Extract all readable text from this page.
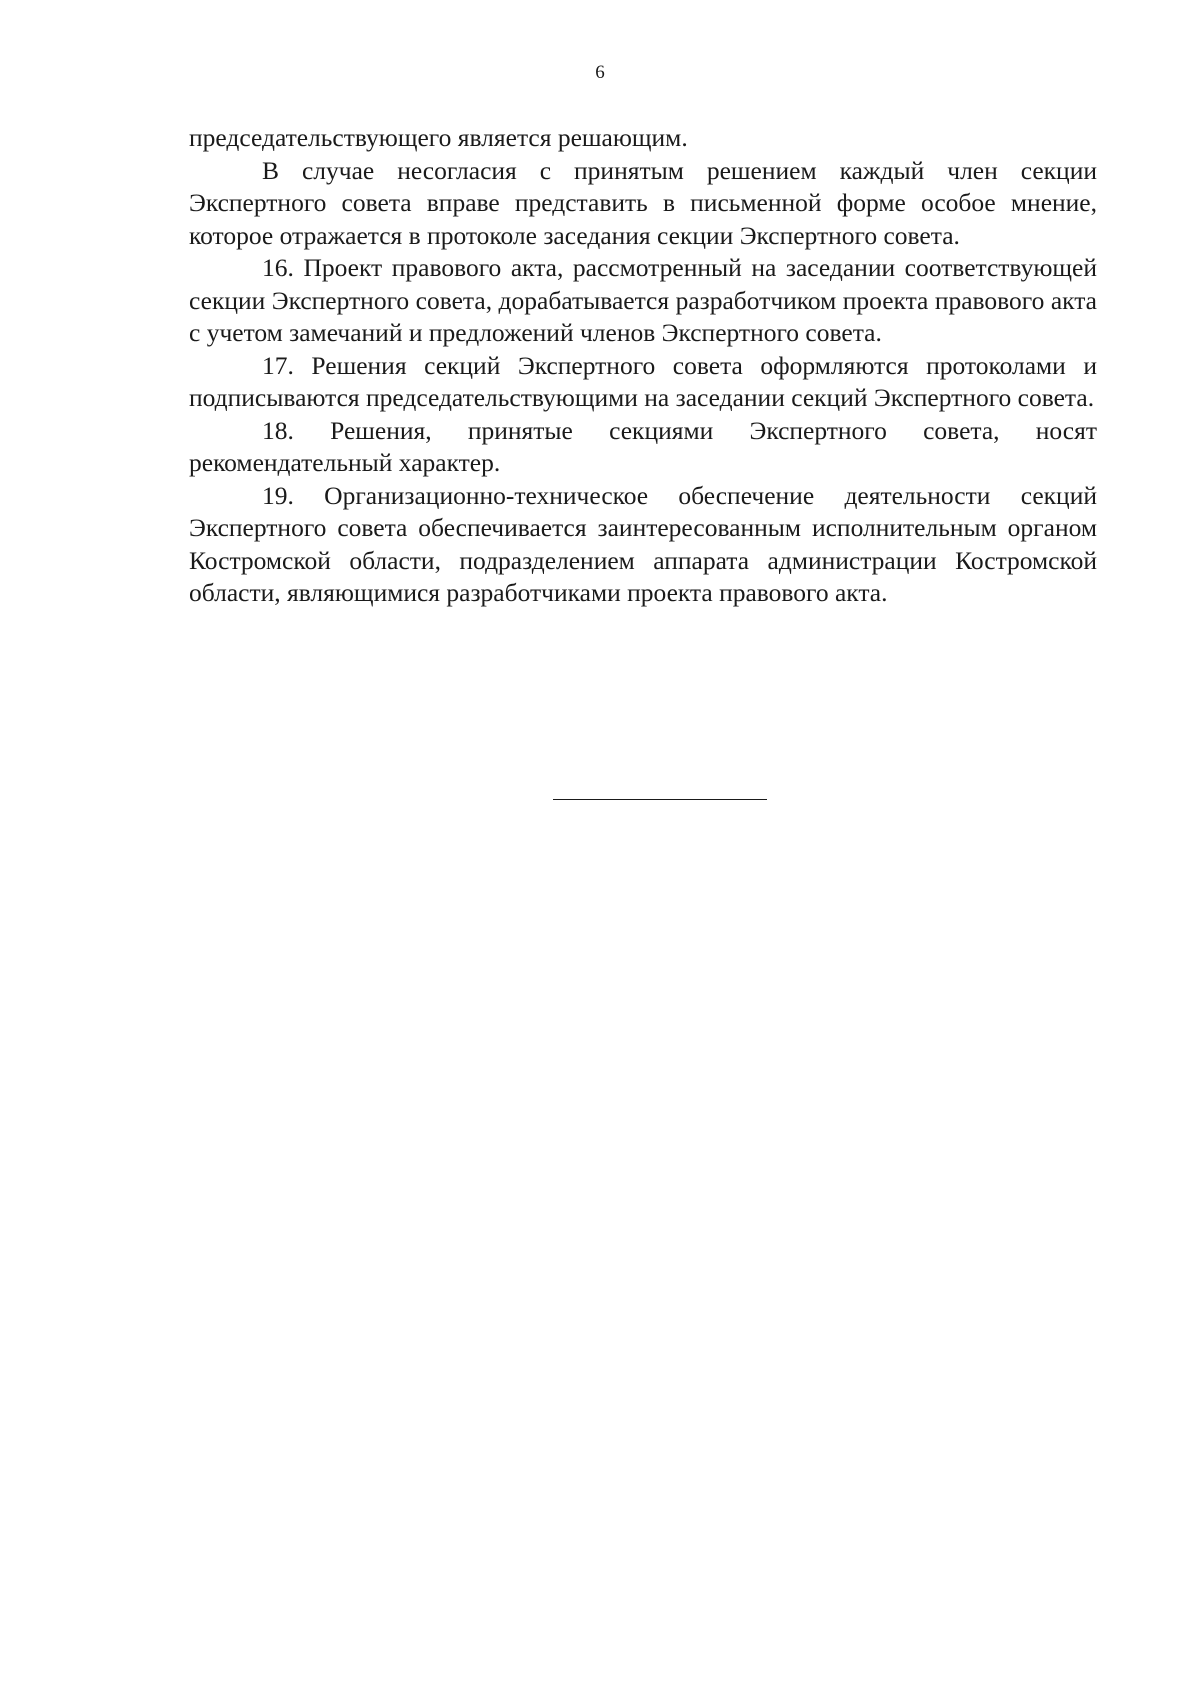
6

председательствующего является решающим.

В случае несогласия с принятым решением каждый член секции Экспертного совета вправе представить в письменной форме особое мнение, которое отражается в протоколе заседания секции Экспертного совета.

16. Проект правового акта, рассмотренный на заседании соответствующей секции Экспертного совета, дорабатывается разработчиком проекта правового акта с учетом замечаний и предложений членов Экспертного совета.

17. Решения секций Экспертного совета оформляются протоколами и подписываются председательствующими на заседании секций Экспертного совета.

18. Решения, принятые секциями Экспертного совета, носят рекомендательный характер.

19. Организационно-техническое обеспечение деятельности секций Экспертного совета обеспечивается заинтересованным исполнительным органом Костромской области, подразделением аппарата администрации Костромской области, являющимися разработчиками проекта правового акта.
